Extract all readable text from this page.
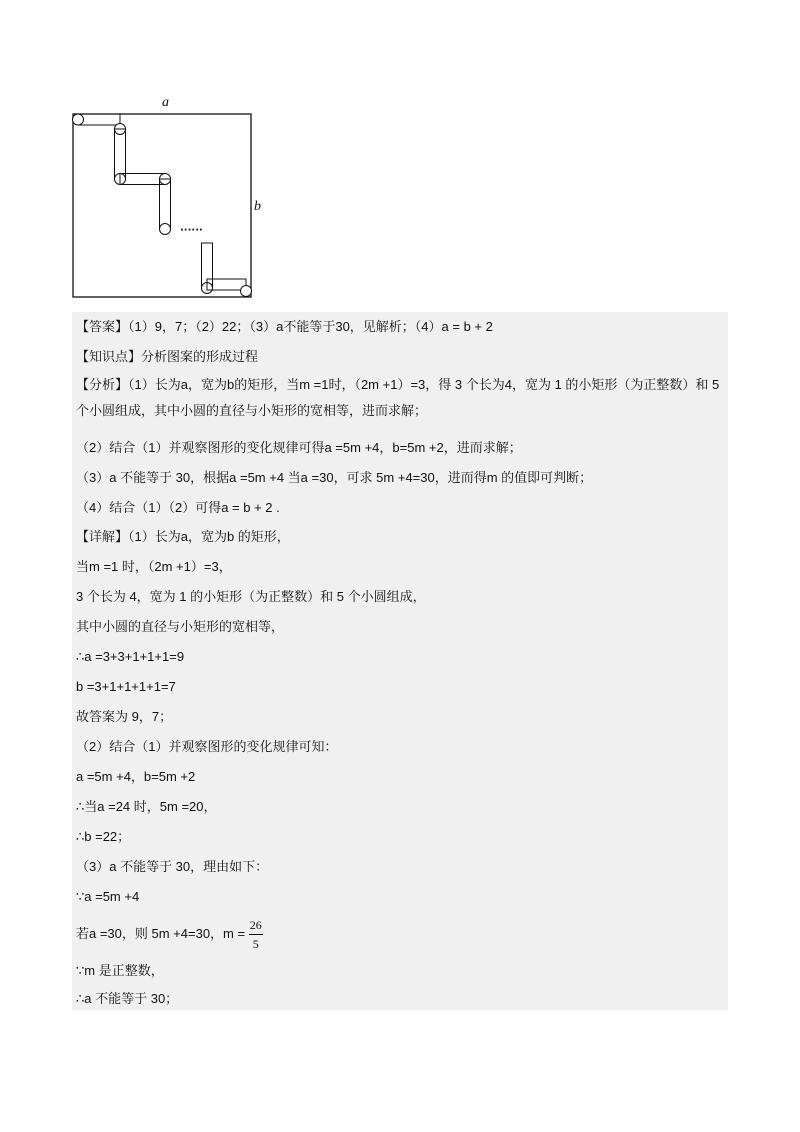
a
b
······
【答案】（1）9，7；（2）22；（3）a不能等于30，见解析；（4）a = b + 2
【知识点】分析图案的形成过程
【分析】（1）长为a，宽为b的矩形，当m =1时，（2m +1）=3，得 3 个长为4，宽为 1 的小矩形（为正整数）和 5 个小圆组成，其中小圆的直径与小矩形的宽相等，进而求解；
（2）结合（1）并观察图形的变化规律可得a =5m +4，b=5m +2，进而求解；
（3）a 不能等于 30，根据a =5m +4 当a =30，可求 5m +4=30，进而得m 的值即可判断；
（4）结合（1）（2）可得a = b + 2 .
【详解】（1）长为a，宽为b 的矩形，
当m =1 时，（2m +1）=3，
3 个长为 4，宽为 1 的小矩形（为正整数）和 5 个小圆组成，
其中小圆的直径与小矩形的宽相等，
∴a =3+3+1+1+1=9
b =3+1+1+1+1=7
故答案为 9，7；
（2）结合（1）并观察图形的变化规律可知：
a =5m +4，b=5m +2
∴当a =24 时，5m =20，
∴b =22；
（3）a 不能等于 30，理由如下：
∵a =5m +4
若a =30，则 5m +4=30，$m = \frac{26}{5}$
∵m 是正整数，
∴a 不能等于 30；
